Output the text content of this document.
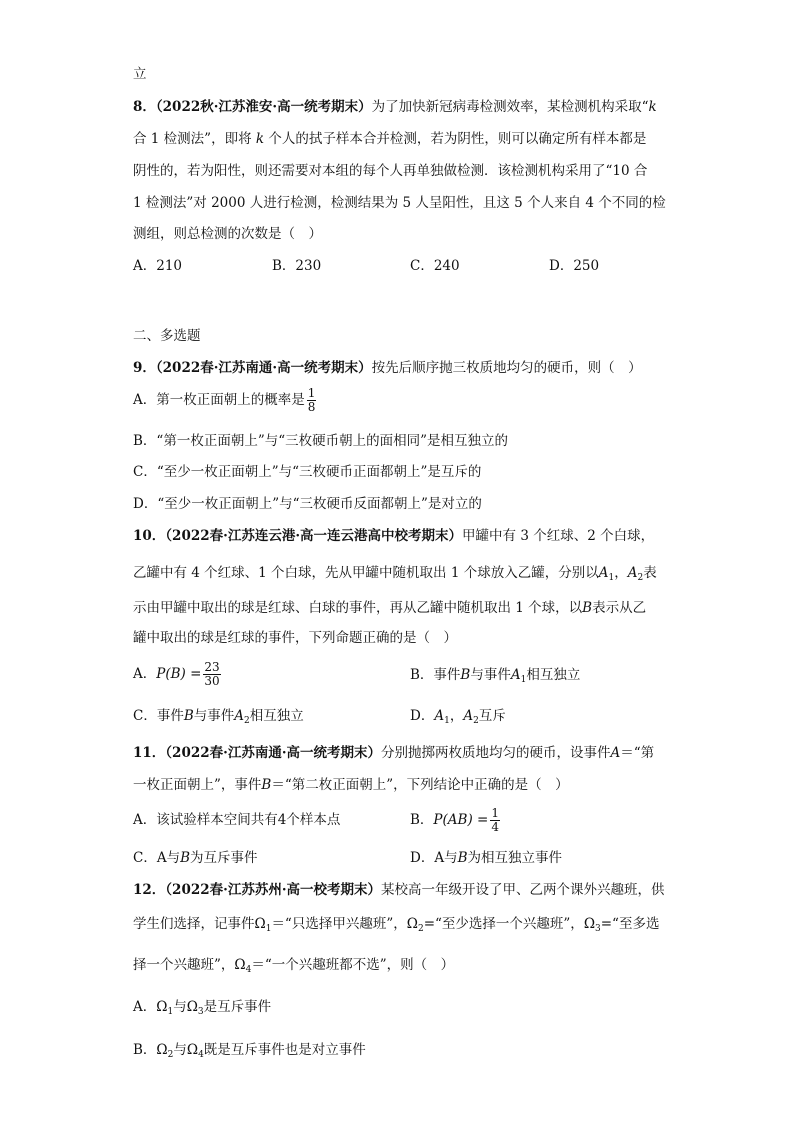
立
8．（2022秋·江苏淮安·高一统考期末）为了加快新冠病毒检测效率，某检测机构采取“k
合 1 检测法”，即将 k 个人的拭子样本合并检测，若为阴性，则可以确定所有样本都是
阴性的，若为阳性，则还需要对本组的每个人再单独做检测．该检测机构采用了“10 合
1 检测法”对 2000 人进行检测，检测结果为 5 人呈阳性，且这 5 个人来自 4 个不同的检
测组，则总检测的次数是（　）
A．210	B．230	C．240	D．250
二、多选题
9．（2022春·江苏南通·高一统考期末）按先后顺序抛三枚质地均匀的硬币，则（　）
A．第一枚正面朝上的概率是 $\frac{1}{8}$
B．“第一枚正面朝上”与“三枚硬币朝上的面相同”是相互独立的
C．“至少一枚正面朝上”与“三枚硬币正面都朝上”是互斥的
D．“至少一枚正面朝上”与“三枚硬币反面都朝上”是对立的
10．（2022春·江苏连云港·高一连云港高中校考期末）甲罐中有 3 个红球、2 个白球，
乙罐中有 4 个红球、1 个白球，先从甲罐中随机取出 1 个球放入乙罐，分别以$A_1$，$A_2$表
示由甲罐中取出的球是红球、白球的事件，再从乙罐中随机取出 1 个球，以B表示从乙
罐中取出的球是红球的事件，下列命题正确的是（　）
A．$P(B) = \frac{23}{30}$	B．事件B与事件$A_1$相互独立
C．事件B与事件$A_2$相互独立	D．$A_1$，$A_2$互斥
11．（2022春·江苏南通·高一统考期末）分别抛掷两枚质地均匀的硬币，设事件A＝“第
一枚正面朝上”，事件B＝“第二枚正面朝上”，下列结论中正确的是（　）
A．该试验样本空间共有4个样本点	B．$P(AB) = \frac{1}{4}$
C．A与B为互斥事件	D．A与B为相互独立事件
12．（2022春·江苏苏州·高一校考期末）某校高一年级开设了甲、乙两个课外兴趣班，供
学生们选择，记事件$\Omega_1=“$只选择甲兴趣班”，$\Omega_2=“$至少选择一个兴趣班”，$\Omega_3=“$至多选
择一个兴趣班”，$\Omega_4=“$一个兴趣班都不选”，则（　）
A．$\Omega_1$与$\Omega_3$是互斥事件
B．$\Omega_2$与$\Omega_4$既是互斥事件也是对立事件
